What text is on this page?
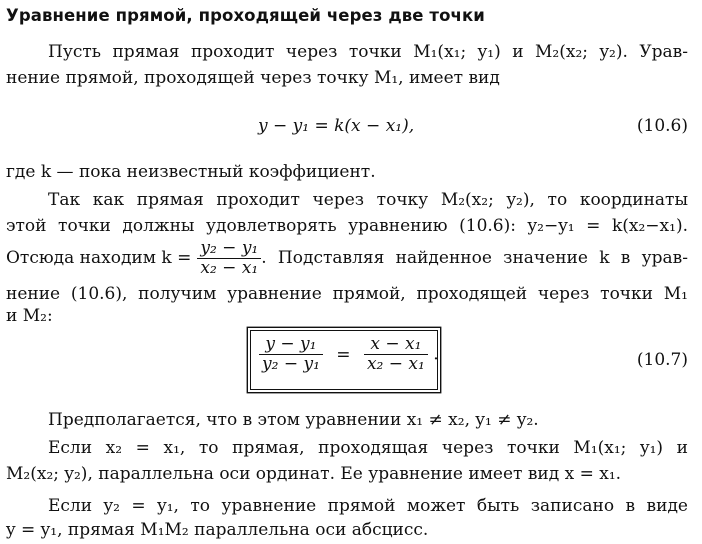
Уравнение прямой, проходящей через две точки
Пусть прямая проходит через точки M₁(x₁; y₁) и M₂(x₂; y₂). Урав-
нение прямой, проходящей через точку M₁, имеет вид
y − y₁ = k(x − x₁),	(10.6)
где k — пока неизвестный коэффициент.
Так как прямая проходит через точку M₂(x₂; y₂), то координаты
этой точки должны удовлетворять уравнению (10.6): y₂−y₁ = k(x₂−x₁).
Отсюда находим $k = \frac{\text{y₂ − y₁}}{\text{x₂ − x₁}}$ . Подставляя найденное значение k в урав-
нение (10.6), получим уравнение прямой, проходящей через точки M₁
и M₂:
$\frac{\text{y − y₁}}{\text{y₂ − y₁}} = \frac{\text{x − x₁}}{\text{x₂ − x₁}}$ .	(10.7)
Предполагается, что в этом уравнении x₁ ≠ x₂, y₁ ≠ y₂.
Если x₂ = x₁, то прямая, проходящая через точки M₁(x₁; y₁) и
M₂(x₂; y₂), параллельна оси ординат. Ее уравнение имеет вид x = x₁.
Если y₂ = y₁, то уравнение прямой может быть записано в виде
y = y₁, прямая M₁M₂ параллельна оси абсцисс.
